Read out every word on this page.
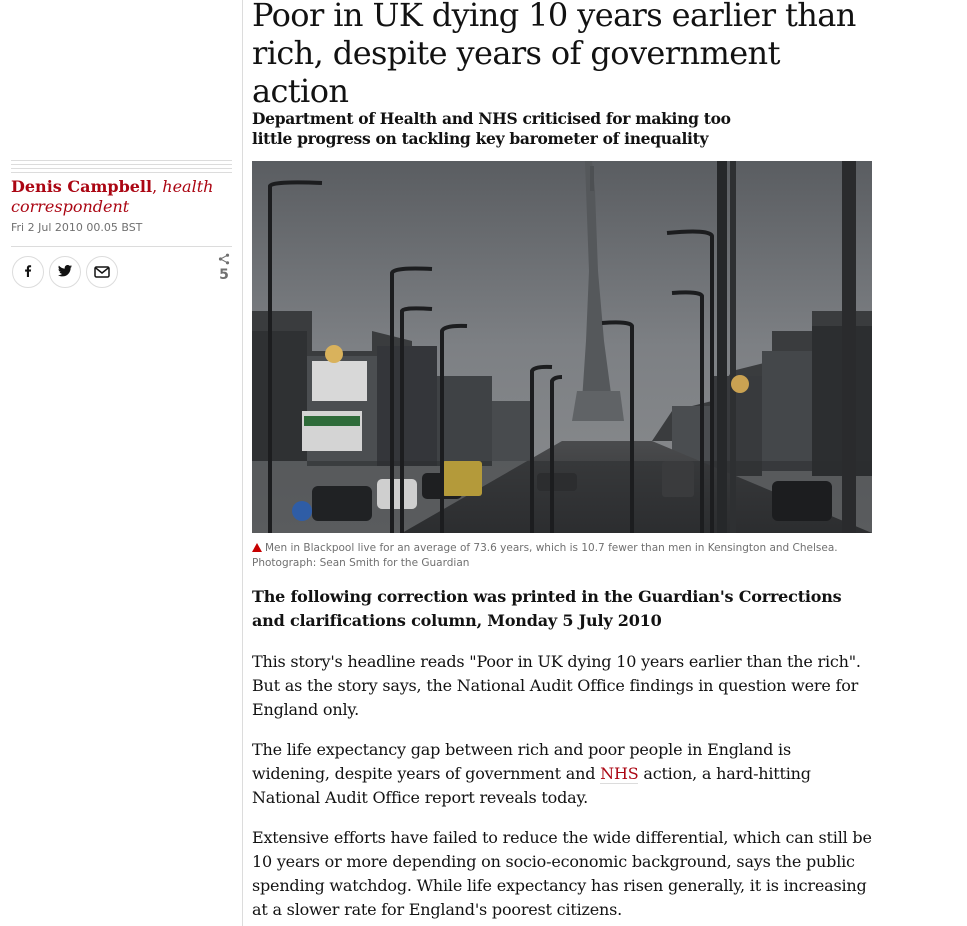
Denis Campbell, health correspondent
Fri 2 Jul 2010 00.05 BST
5
Poor in UK dying 10 years earlier than rich, despite years of government action
Department of Health and NHS criticised for making too little progress on tackling key barometer of inequality
Men in Blackpool live for an average of 73.6 years, which is 10.7 fewer than men in Kensington and Chelsea.
Photograph: Sean Smith for the Guardian

The following correction was printed in the Guardian's Corrections and clarifications column, Monday 5 July 2010

This story's headline reads "Poor in UK dying 10 years earlier than the rich". But as the story says, the National Audit Office findings in question were for England only.

The life expectancy gap between rich and poor people in England is widening, despite years of government and NHS action, a hard-hitting National Audit Office report reveals today.

Extensive efforts have failed to reduce the wide differential, which can still be 10 years or more depending on socio-economic background, says the public spending watchdog. While life expectancy has risen generally, it is increasing at a slower rate for England's poorest citizens.
